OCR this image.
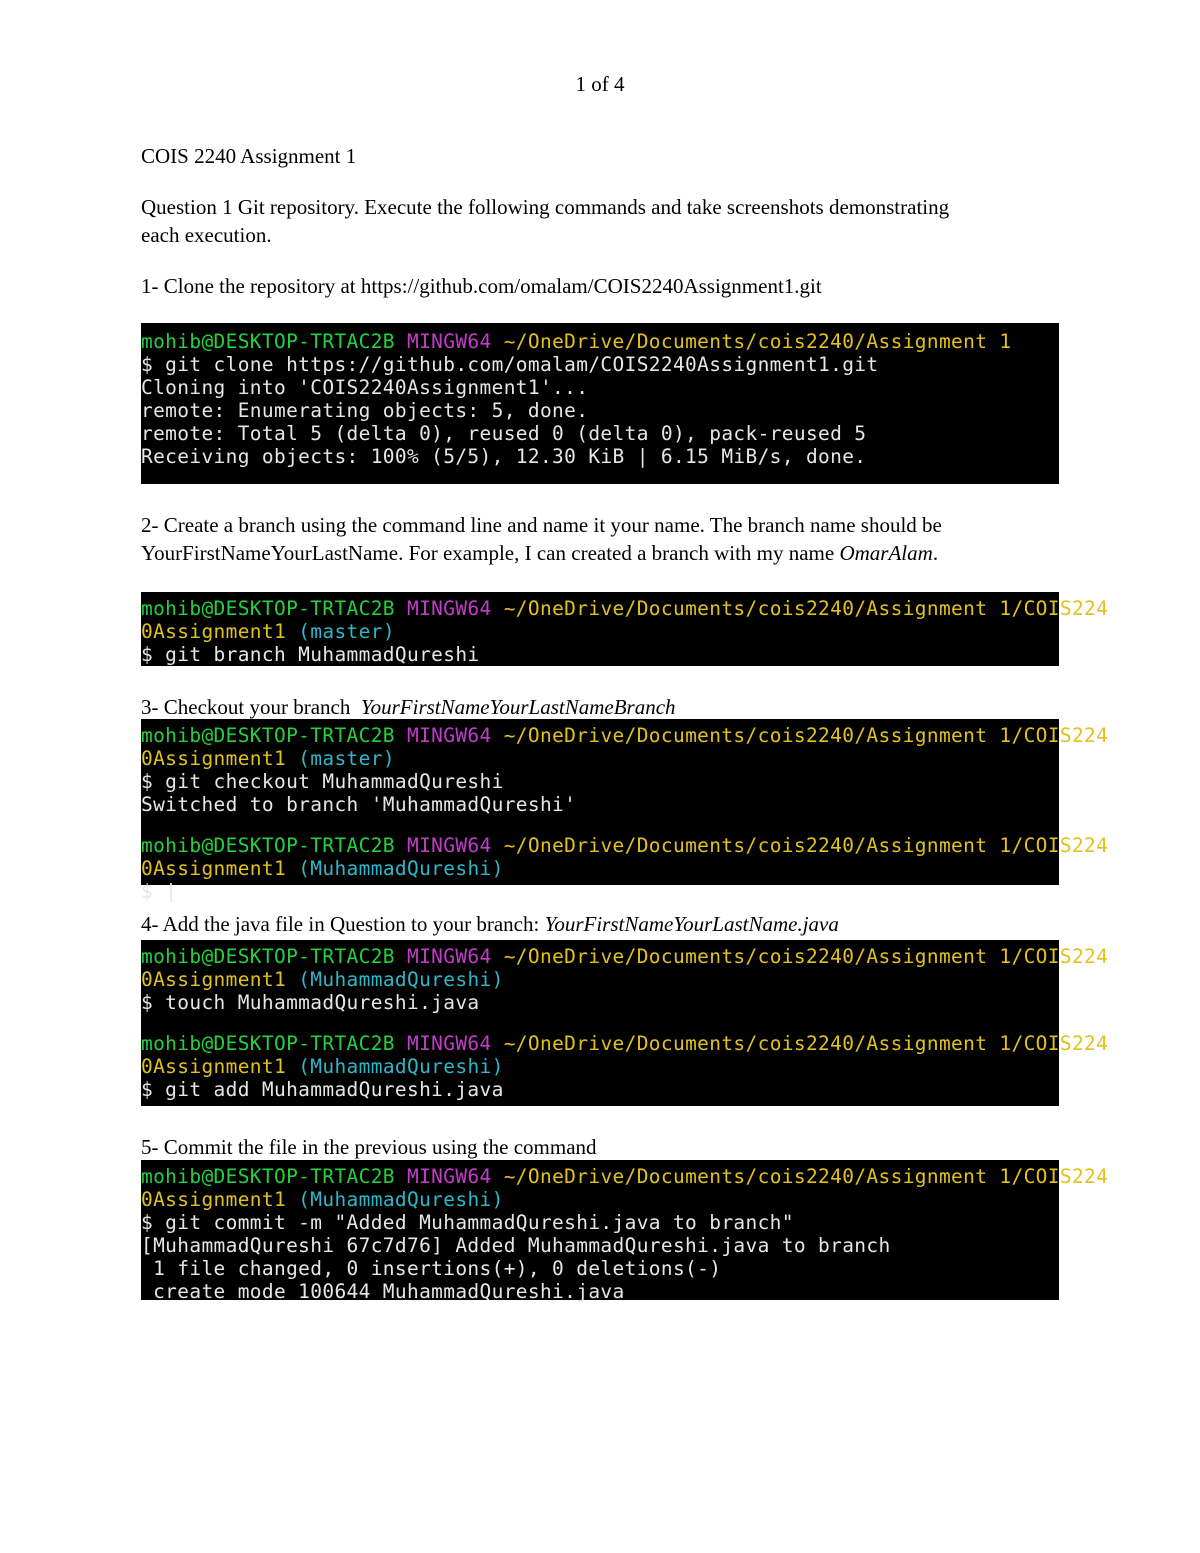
1 of 4
COIS 2240 Assignment 1
Question 1 Git repository. Execute the following commands and take screenshots demonstrating
each execution.
1- Clone the repository at https://github.com/omalam/COIS2240Assignment1.git
mohib@DESKTOP-TRTAC2B MINGW64 ~/OneDrive/Documents/cois2240/Assignment 1
$ git clone https://github.com/omalam/COIS2240Assignment1.git
Cloning into 'COIS2240Assignment1'...
remote: Enumerating objects: 5, done.
remote: Total 5 (delta 0), reused 0 (delta 0), pack-reused 5
Receiving objects: 100% (5/5), 12.30 KiB | 6.15 MiB/s, done.
2- Create a branch using the command line and name it your name. The branch name should be
YourFirstNameYourLastName. For example, I can created a branch with my name OmarAlam.
mohib@DESKTOP-TRTAC2B MINGW64 ~/OneDrive/Documents/cois2240/Assignment 1/COIS224
0Assignment1 (master)
$ git branch MuhammadQureshi
3- Checkout your branch  YourFirstNameYourLastNameBranch
mohib@DESKTOP-TRTAC2B MINGW64 ~/OneDrive/Documents/cois2240/Assignment 1/COIS224
0Assignment1 (master)
$ git checkout MuhammadQureshi
Switched to branch 'MuhammadQureshi'
mohib@DESKTOP-TRTAC2B MINGW64 ~/OneDrive/Documents/cois2240/Assignment 1/COIS224
0Assignment1 (MuhammadQureshi)
$ |
4- Add the java file in Question to your branch: YourFirstNameYourLastName.java
mohib@DESKTOP-TRTAC2B MINGW64 ~/OneDrive/Documents/cois2240/Assignment 1/COIS224
0Assignment1 (MuhammadQureshi)
$ touch MuhammadQureshi.java
mohib@DESKTOP-TRTAC2B MINGW64 ~/OneDrive/Documents/cois2240/Assignment 1/COIS224
0Assignment1 (MuhammadQureshi)
$ git add MuhammadQureshi.java
5- Commit the file in the previous using the command
mohib@DESKTOP-TRTAC2B MINGW64 ~/OneDrive/Documents/cois2240/Assignment 1/COIS224
0Assignment1 (MuhammadQureshi)
$ git commit -m "Added MuhammadQureshi.java to branch"
[MuhammadQureshi 67c7d76] Added MuhammadQureshi.java to branch
1 file changed, 0 insertions(+), 0 deletions(-)
create mode 100644 MuhammadQureshi.java
